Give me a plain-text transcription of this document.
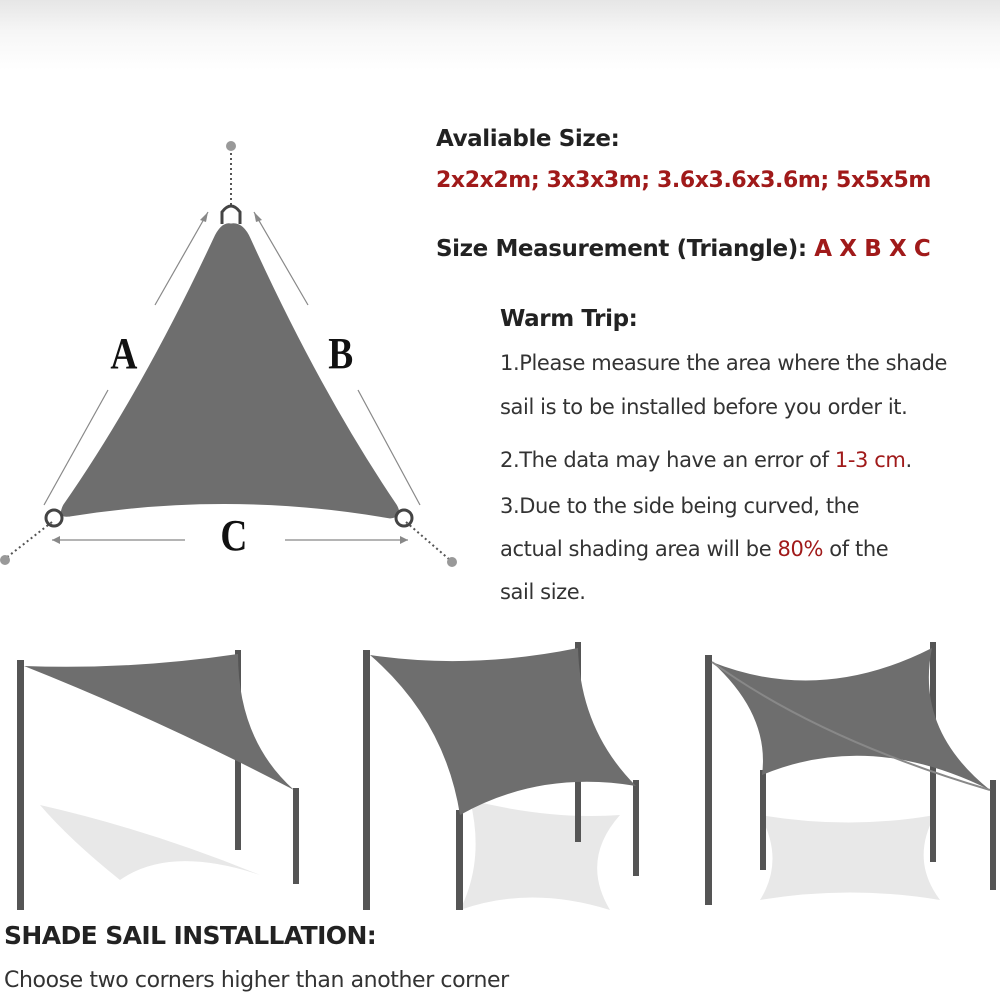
A	B
C
Avaliable Size:
2x2x2m; 3x3x3m; 3.6x3.6x3.6m; 5x5x5m
Size Measurement (Triangle): A X B X C
Warm Trip:
1.Please measure the area where the shade
sail is to be installed before you order it.
2.The data may have an error of 1-3 cm.
3.Due to the side being curved, the
actual shading area will be 80% of the
sail size.
SHADE SAIL INSTALLATION:
Choose two corners higher than another corner
